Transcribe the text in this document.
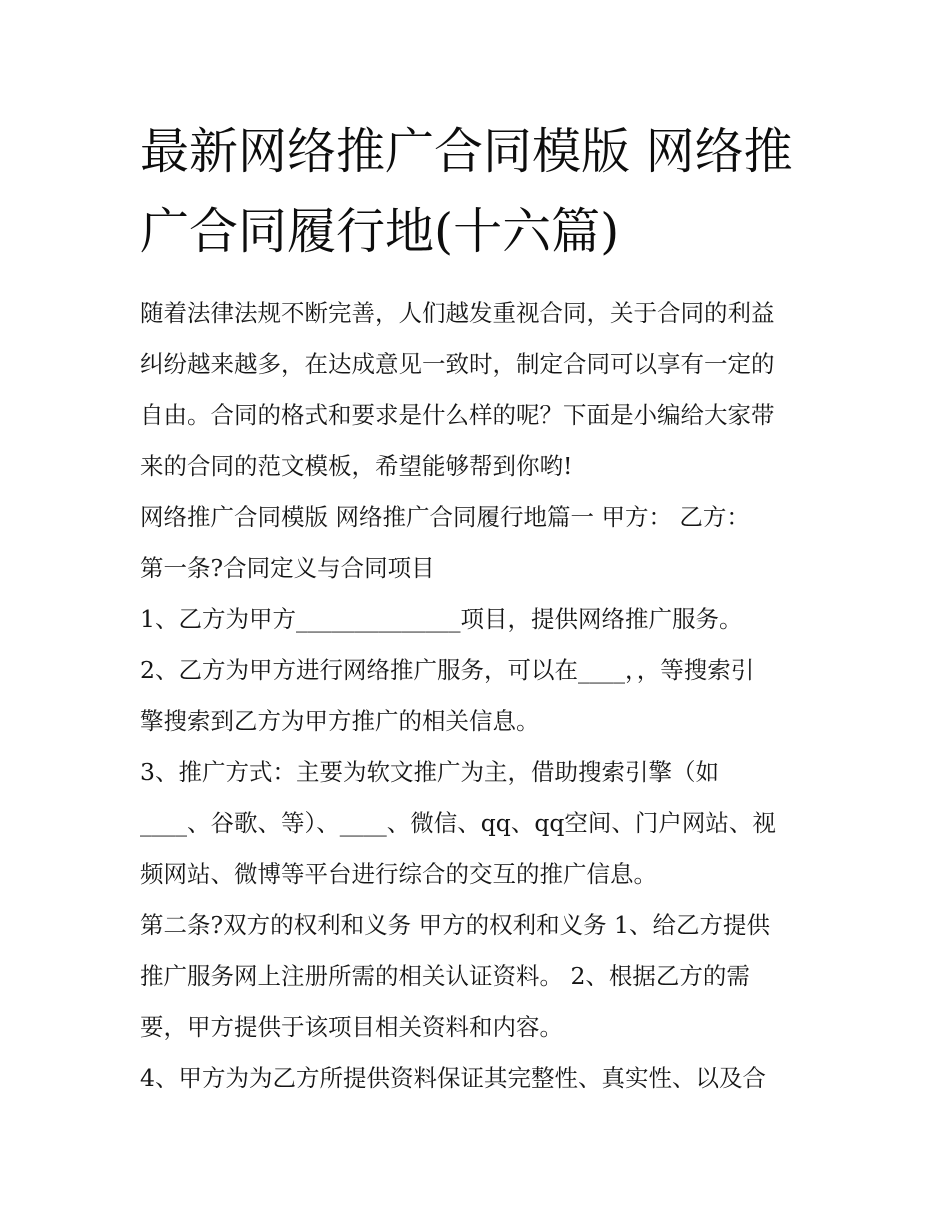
最新网络推广合同模版 网络推
广合同履行地(十六篇)

随着法律法规不断完善，人们越发重视合同，关于合同的利益
纠纷越来越多，在达成意见一致时，制定合同可以享有一定的
自由。合同的格式和要求是什么样的呢？下面是小编给大家带
来的合同的范文模板，希望能够帮到你哟!

网络推广合同模版 网络推广合同履行地篇一 甲方： 乙方：

第一条?合同定义与合同项目

1、乙方为甲方______________项目，提供网络推广服务。

2、乙方为甲方进行网络推广服务，可以在____，，等搜索引
擎搜索到乙方为甲方推广的相关信息。

3、推广方式：主要为软文推广为主，借助搜索引擎（如
____、谷歌、等）、____、微信、qq、qq空间、门户网站、视
频网站、微博等平台进行综合的交互的推广信息。

第二条?双方的权利和义务 甲方的权利和义务 1、给乙方提供
推广服务网上注册所需的相关认证资料。 2、根据乙方的需
要，甲方提供于该项目相关资料和内容。

4、甲方为为乙方所提供资料保证其完整性、真实性、以及合
